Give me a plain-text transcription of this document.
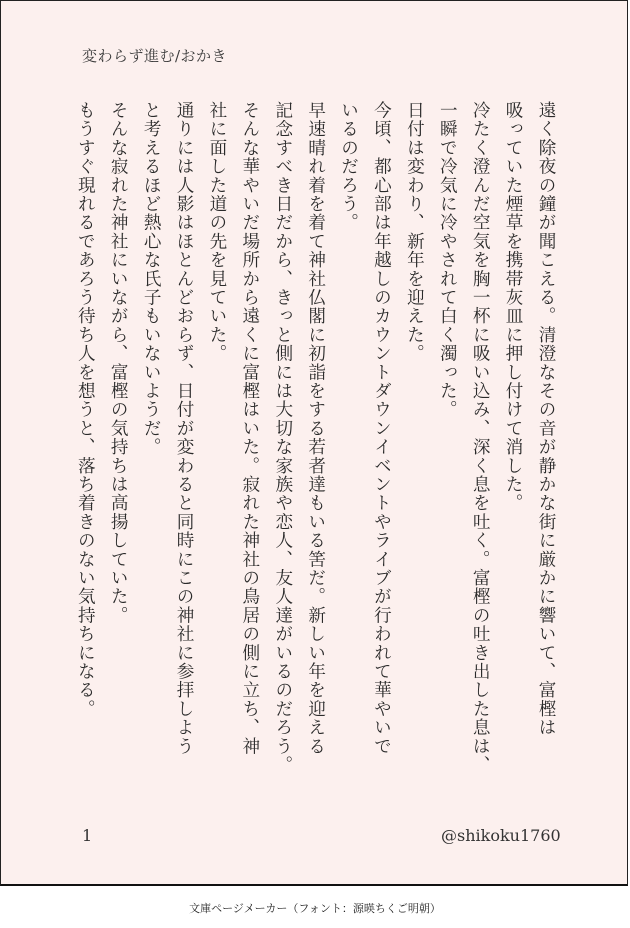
変わらず進む/おかき
遠く除夜の鐘が聞こえる。清澄なその音が静かな街に厳かに響いて、富樫は
吸っていた煙草を携帯灰皿に押し付けて消した。
冷たく澄んだ空気を胸一杯に吸い込み、深く息を吐く。富樫の吐き出した息は、
一瞬で冷気に冷やされて白く濁った。
日付は変わり、新年を迎えた。
今頃、都心部は年越しのカウントダウンイベントやライブが行われて華やいで
いるのだろう。
早速晴れ着を着て神社仏閣に初詣をする若者達もいる筈だ。新しい年を迎える
記念すべき日だから、きっと側には大切な家族や恋人、友人達がいるのだろう。
そんな華やいだ場所から遠くに富樫はいた。寂れた神社の鳥居の側に立ち、神
社に面した道の先を見ていた。
通りには人影はほとんどおらず、日付が変わると同時にこの神社に参拝しよう
と考えるほど熱心な氏子もいないようだ。
そんな寂れた神社にいながら、富樫の気持ちは高揚していた。
もうすぐ現れるであろう待ち人を想うと、落ち着きのない気持ちになる。
1	@shikoku1760
文庫ページメーカー（フォント：源暎ちくご明朝）
